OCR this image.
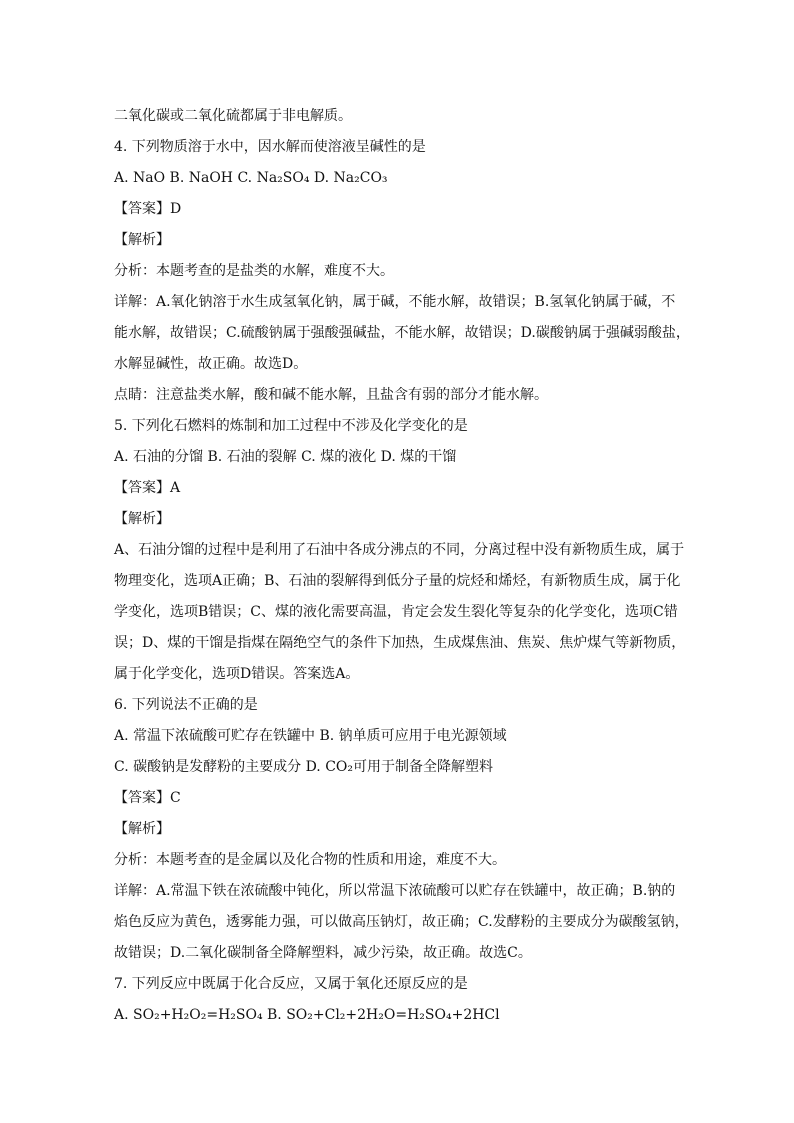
二氧化碳或二氧化硫都属于非电解质。
4. 下列物质溶于水中，因水解而使溶液呈碱性的是
A. NaO B. NaOH C. Na₂SO₄ D. Na₂CO₃
【答案】D
【解析】
分析：本题考查的是盐类的水解，难度不大。
详解：A.氧化钠溶于水生成氢氧化钠，属于碱，不能水解，故错误；B.氢氧化钠属于碱，不
能水解，故错误；C.硫酸钠属于强酸强碱盐，不能水解，故错误；D.碳酸钠属于强碱弱酸盐，
水解显碱性，故正确。故选D。
点睛：注意盐类水解，酸和碱不能水解，且盐含有弱的部分才能水解。
5. 下列化石燃料的炼制和加工过程中不涉及化学变化的是
A. 石油的分馏 B. 石油的裂解 C. 煤的液化 D. 煤的干馏
【答案】A
【解析】
A、石油分馏的过程中是利用了石油中各成分沸点的不同，分离过程中没有新物质生成，属于
物理变化，选项A正确；B、石油的裂解得到低分子量的烷烃和烯烃，有新物质生成，属于化
学变化，选项B错误；C、煤的液化需要高温，肯定会发生裂化等复杂的化学变化，选项C错
误；D、煤的干馏是指煤在隔绝空气的条件下加热，生成煤焦油、焦炭、焦炉煤气等新物质，
属于化学变化，选项D错误。答案选A。
6. 下列说法不正确的是
A. 常温下浓硫酸可贮存在铁罐中 B. 钠单质可应用于电光源领域
C. 碳酸钠是发酵粉的主要成分 D. CO₂可用于制备全降解塑料
【答案】C
【解析】
分析：本题考查的是金属以及化合物的性质和用途，难度不大。
详解：A.常温下铁在浓硫酸中钝化，所以常温下浓硫酸可以贮存在铁罐中，故正确；B.钠的
焰色反应为黄色，透雾能力强，可以做高压钠灯，故正确；C.发酵粉的主要成分为碳酸氢钠，
故错误；D.二氧化碳制备全降解塑料，减少污染，故正确。故选C。
7. 下列反应中既属于化合反应，又属于氧化还原反应的是
A. SO₂+H₂O₂=H₂SO₄ B. SO₂+Cl₂+2H₂O=H₂SO₄+2HCl
